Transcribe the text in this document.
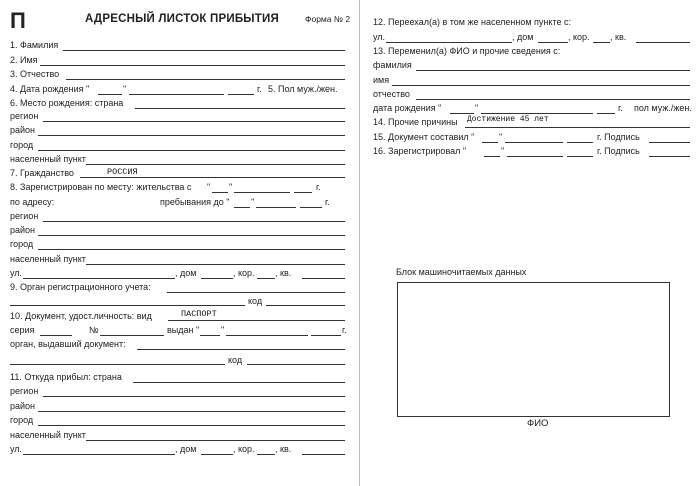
П	АДРЕСНЫЙ ЛИСТОК ПРИБЫТИЯ	Форма № 2
1. Фамилия
2. Имя
3. Отчество
4. Дата рождения "	"	г. 5. Пол муж./жен.
6. Место рождения: страна
регион
район
город
населенный пункт
7. Гражданство	РОССИЯ
8. Зарегистрирован по месту: жительства с " "	г.
по адресу:	пребывания до " "	г.
регион
район
город
населенный пункт
ул.	, дом	, кор. , кв.
9. Орган регистрационного учета:
код
10. Документ, удост.личность: вид	ПАСПОРТ
серия	№	выдан " "	г.
орган, выдавший документ:
код
11. Откуда прибыл: страна
регион
район
город
населенный пункт
ул.	, дом	, кор. , кв.
12. Переехал(а) в том же населенном пункте с:
ул.	, дом	, кор. , кв.
13. Переменил(а) ФИО и прочие сведения с:
фамилия
имя
отчество
дата рождения "	"	г. пол муж./жен.
14. Прочие причины Достижение 45 лет
15. Документ составил "	"	г. Подпись
16. Зарегистрировал "	"	г. Подпись
Блок машиночитаемых данных
ФИО
